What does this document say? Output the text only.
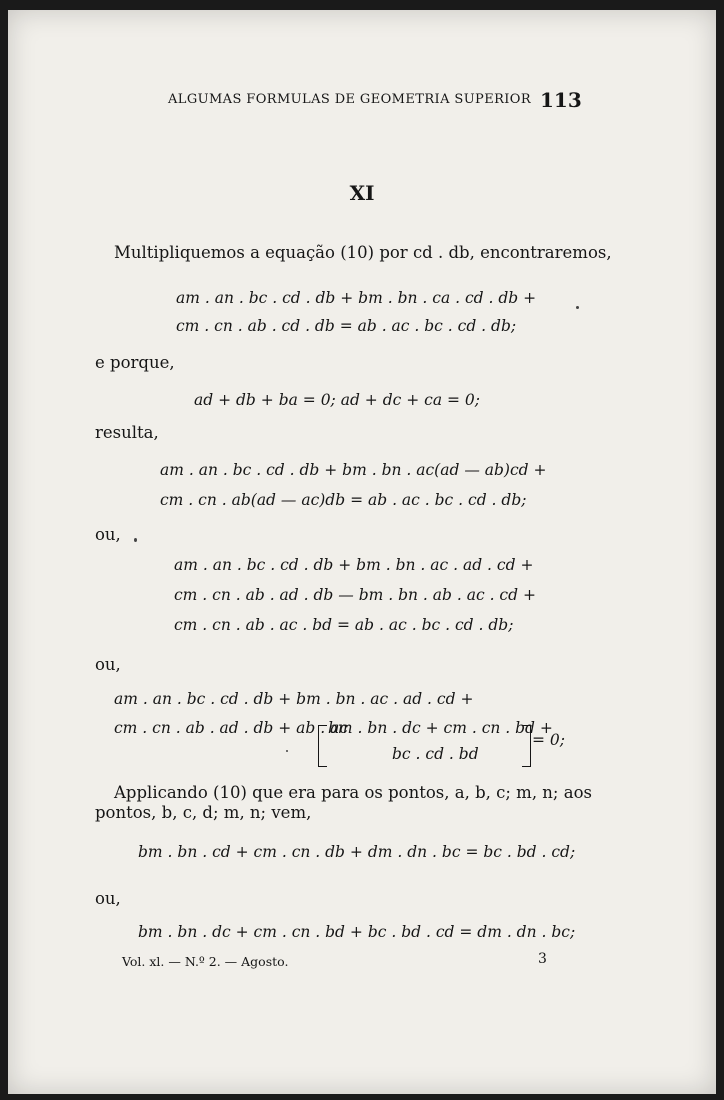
ALGUMAS FORMULAS DE GEOMETRIA SUPERIOR 113
XI
Multipliquemos a equação (10) por cd . db, encontraremos,
am . an . bc . cd . db + bm . bn . ca . cd . db +
cm . cn . ab . cd . db = ab . ac . bc . cd . db;
e porque,
ad + db + ba = 0; ad + dc + ca = 0;
resulta,
am . an . bc . cd . db + bm . bn . ac(ad — ab)cd +
cm . cn . ab(ad — ac)db = ab . ac . bc . cd . db;
ou,
am . an . bc . cd . db + bm . bn . ac . ad . cd +
cm . cn . ab . ad . db — bm . bn . ab . ac . cd +
cm . cn . ab . ac . bd = ab . ac . bc . cd . db;
ou,
am . an . bc . cd . db + bm . bn . ac . ad . cd +
cm . cn . ab . ad . db + ab . ac
bm . bn . dc + cm . cn . bd +
bc . cd . bd
= 0;
Applicando (10) que era para os pontos, a, b, c; m, n; aos
pontos, b, c, d; m, n; vem,
bm . bn . cd + cm . cn . db + dm . dn . bc = bc . bd . cd;
ou,
bm . bn . dc + cm . cn . bd + bc . bd . cd = dm . dn . bc;
Vol. xl. — N.º 2. — Agosto.	3
